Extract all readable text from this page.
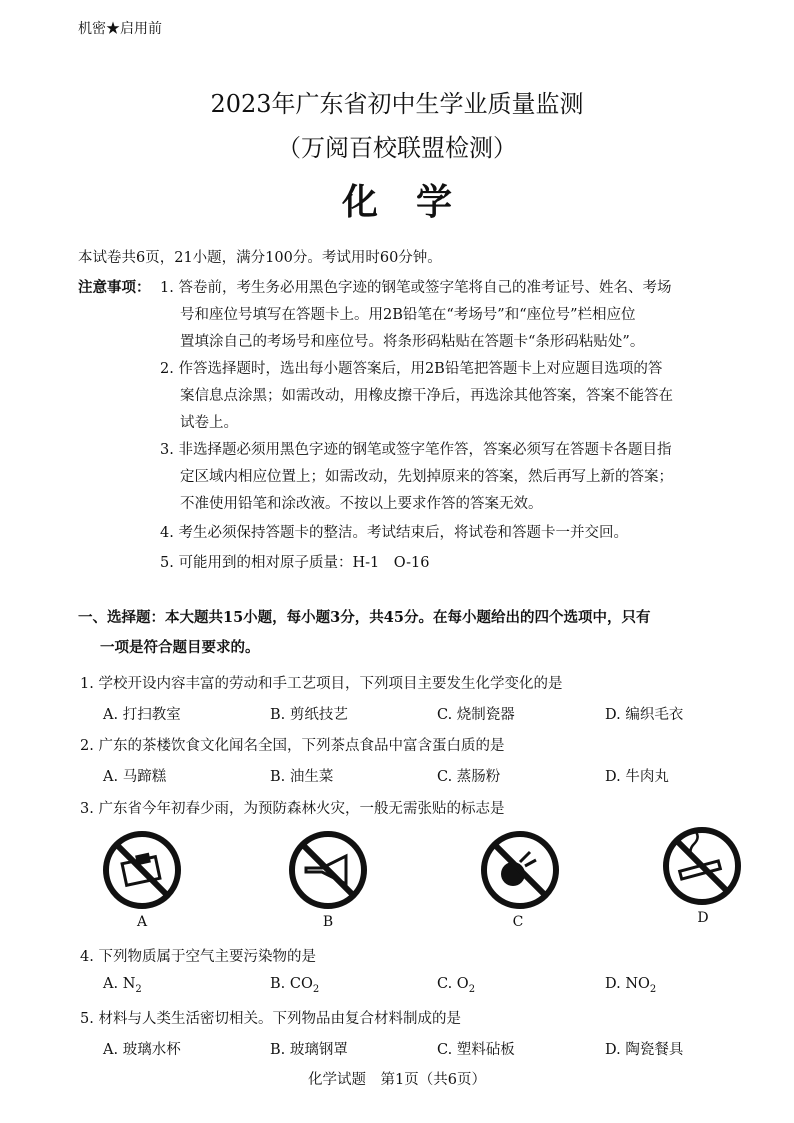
机密★启用前
2023年广东省初中生学业质量监测
（万阅百校联盟检测）
化学
本试卷共6页，21小题，满分100分。考试用时60分钟。
注意事项： 1. 答卷前，考生务必用黑色字迹的钢笔或签字笔将自己的准考证号、姓名、考场
号和座位号填写在答题卡上。用2B铅笔在“考场号”和“座位号”栏相应位
置填涂自己的考场号和座位号。将条形码粘贴在答题卡“条形码粘贴处”。
2. 作答选择题时，选出每小题答案后，用2B铅笔把答题卡上对应题目选项的答
案信息点涂黑；如需改动，用橡皮擦干净后，再选涂其他答案，答案不能答在
试卷上。
3. 非选择题必须用黑色字迹的钢笔或签字笔作答，答案必须写在答题卡各题目指
定区域内相应位置上；如需改动，先划掉原来的答案，然后再写上新的答案；
不准使用铅笔和涂改液。不按以上要求作答的答案无效。
4. 考生必须保持答题卡的整洁。考试结束后，将试卷和答题卡一并交回。
5. 可能用到的相对原子质量：H-1　O-16
一、选择题：本大题共15小题，每小题3分，共45分。在每小题给出的四个选项中，只有
一项是符合题目要求的。
1. 学校开设内容丰富的劳动和手工艺项目，下列项目主要发生化学变化的是
A. 打扫教室	B. 剪纸技艺	C. 烧制瓷器	D. 编织毛衣
2. 广东的茶楼饮食文化闻名全国，下列茶点食品中富含蛋白质的是
A. 马蹄糕	B. 油生菜	C. 蒸肠粉	D. 牛肉丸
3. 广东省今年初春少雨，为预防森林火灾，一般无需张贴的标志是
A	B	C	D
4. 下列物质属于空气主要污染物的是
A. $N_2$	B. $CO_2$	C. $O_2$	D. $NO_2$
5. 材料与人类生活密切相关。下列物品由复合材料制成的是
A. 玻璃水杯	B. 玻璃钢罩	C. 塑料砧板	D. 陶瓷餐具
化学试题　第1页（共6页）
